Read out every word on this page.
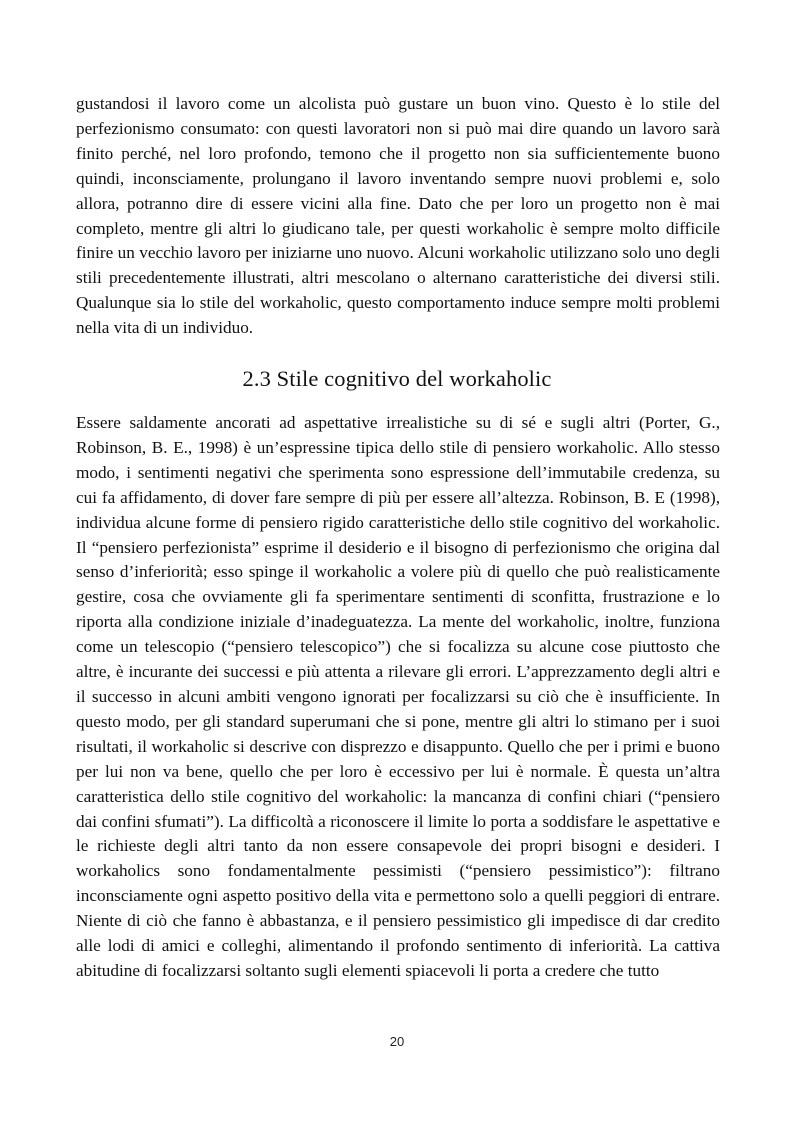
gustandosi il lavoro come un alcolista può gustare un buon vino. Questo è lo stile del perfezionismo consumato: con questi lavoratori non si può mai dire quando un lavoro sarà finito perché, nel loro profondo, temono che il progetto non sia sufficientemente buono quindi, inconsciamente, prolungano il lavoro inventando sempre nuovi problemi e, solo allora, potranno dire di essere vicini alla fine. Dato che per loro un progetto non è mai completo, mentre gli altri lo giudicano tale, per questi workaholic è sempre molto difficile finire un vecchio lavoro per iniziarne uno nuovo. Alcuni workaholic utilizzano solo uno degli stili precedentemente illustrati, altri mescolano o alternano caratteristiche dei diversi stili. Qualunque sia lo stile del workaholic, questo comportamento induce sempre molti problemi nella vita di un individuo.

2.3 Stile cognitivo del workaholic

Essere saldamente ancorati ad aspettative irrealistiche su di sé e sugli altri (Porter, G., Robinson, B. E., 1998) è un’espressine tipica dello stile di pensiero workaholic. Allo stesso modo, i sentimenti negativi che sperimenta sono espressione dell’immutabile credenza, su cui fa affidamento, di dover fare sempre di più per essere all’altezza. Robinson, B. E (1998), individua alcune forme di pensiero rigido caratteristiche dello stile cognitivo del workaholic. Il “pensiero perfezionista” esprime il desiderio e il bisogno di perfezionismo che origina dal senso d’inferiorità; esso spinge il workaholic a volere più di quello che può realisticamente gestire, cosa che ovviamente gli fa sperimentare sentimenti di sconfitta, frustrazione e lo riporta alla condizione iniziale d’inadeguatezza. La mente del workaholic, inoltre, funziona come un telescopio (“pensiero telescopico”) che si focalizza su alcune cose piuttosto che altre, è incurante dei successi e più attenta a rilevare gli errori. L’apprezzamento degli altri e il successo in alcuni ambiti vengono ignorati per focalizzarsi su ciò che è insufficiente. In questo modo, per gli standard superumani che si pone, mentre gli altri lo stimano per i suoi risultati, il workaholic si descrive con disprezzo e disappunto. Quello che per i primi e buono per lui non va bene, quello che per loro è eccessivo per lui è normale. È questa un’altra caratteristica dello stile cognitivo del workaholic: la mancanza di confini chiari (“pensiero dai confini sfumati”). La difficoltà a riconoscere il limite lo porta a soddisfare le aspettative e le richieste degli altri tanto da non essere consapevole dei propri bisogni e desideri. I workaholics sono fondamentalmente pessimisti (“pensiero pessimistico”): filtrano inconsciamente ogni aspetto positivo della vita e permettono solo a quelli peggiori di entrare. Niente di ciò che fanno è abbastanza, e il pensiero pessimistico gli impedisce di dar credito alle lodi di amici e colleghi, alimentando il profondo sentimento di inferiorità. La cattiva abitudine di focalizzarsi soltanto sugli elementi spiacevoli li porta a credere che tutto

20
